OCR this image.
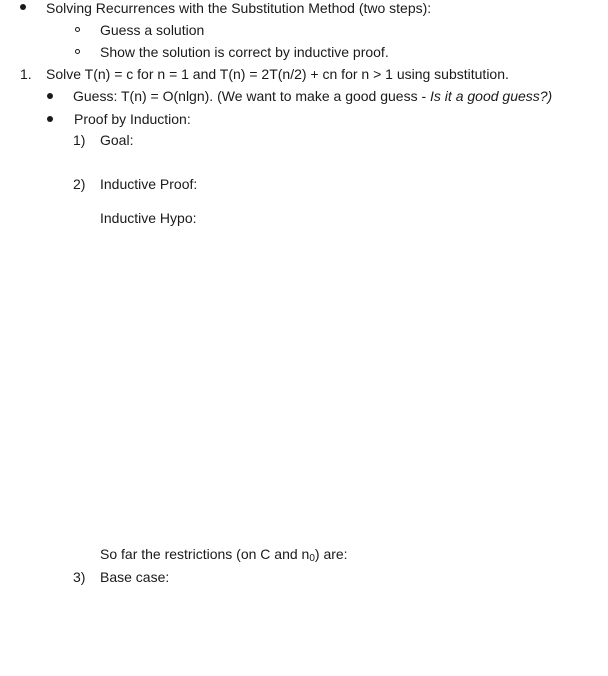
Solving Recurrences with the Substitution Method (two steps):
Guess a solution
Show the solution is correct by inductive proof.
1. Solve T(n) = c for n = 1 and T(n) = 2T(n/2) + cn for n > 1 using substitution.
Guess: T(n) = O(nlgn). (We want to make a good guess - Is it a good guess?)
Proof by Induction:
1) Goal:
2) Inductive Proof:
Inductive Hypo:
So far the restrictions (on C and $n_0$) are:
3) Base case:
